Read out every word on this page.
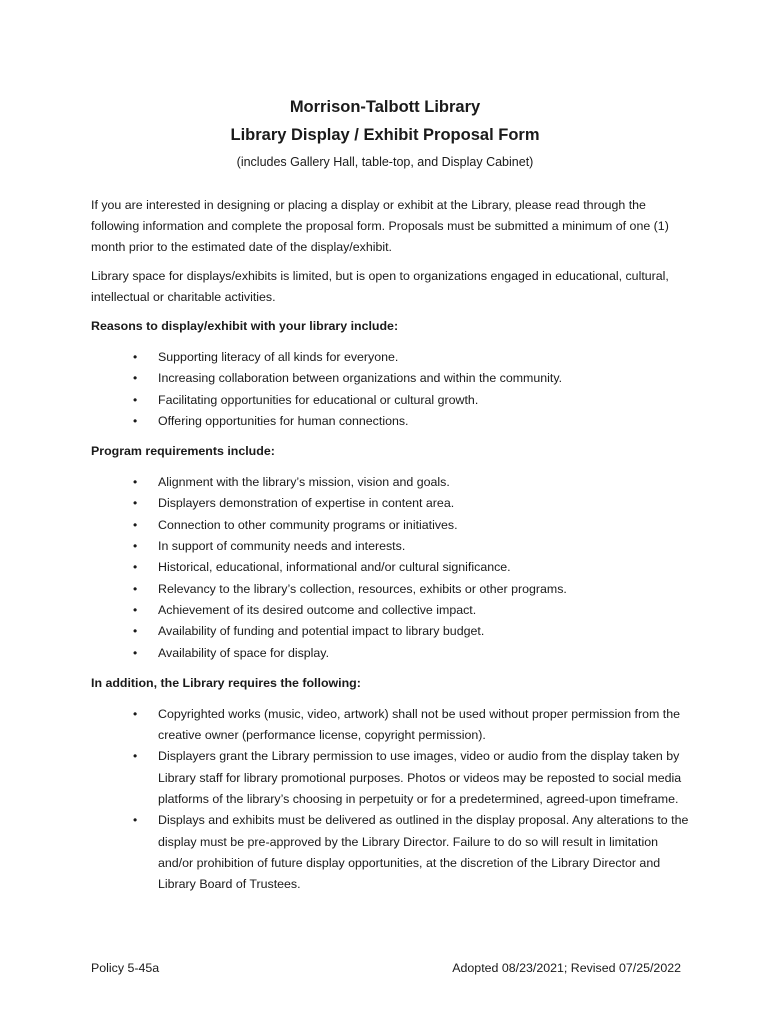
Morrison-Talbott Library
Library Display / Exhibit Proposal Form
(includes Gallery Hall, table-top, and Display Cabinet)

If you are interested in designing or placing a display or exhibit at the Library, please read through the following information and complete the proposal form. Proposals must be submitted a minimum of one (1) month prior to the estimated date of the display/exhibit.

Library space for displays/exhibits is limited, but is open to organizations engaged in educational, cultural, intellectual or charitable activities.

Reasons to display/exhibit with your library include:
• Supporting literacy of all kinds for everyone.
• Increasing collaboration between organizations and within the community.
• Facilitating opportunities for educational or cultural growth.
• Offering opportunities for human connections.
Program requirements include:
• Alignment with the library’s mission, vision and goals.
• Displayers demonstration of expertise in content area.
• Connection to other community programs or initiatives.
• In support of community needs and interests.
• Historical, educational, informational and/or cultural significance.
• Relevancy to the library’s collection, resources, exhibits or other programs.
• Achievement of its desired outcome and collective impact.
• Availability of funding and potential impact to library budget.
• Availability of space for display.
In addition, the Library requires the following:
• Copyrighted works (music, video, artwork) shall not be used without proper permission from the creative owner (performance license, copyright permission).
• Displayers grant the Library permission to use images, video or audio from the display taken by Library staff for library promotional purposes. Photos or videos may be reposted to social media platforms of the library’s choosing in perpetuity or for a predetermined, agreed-upon timeframe.
• Displays and exhibits must be delivered as outlined in the display proposal. Any alterations to the display must be pre-approved by the Library Director. Failure to do so will result in limitation and/or prohibition of future display opportunities, at the discretion of the Library Director and Library Board of Trustees.
Policy 5-45a	Adopted 08/23/2021; Revised 07/25/2022
